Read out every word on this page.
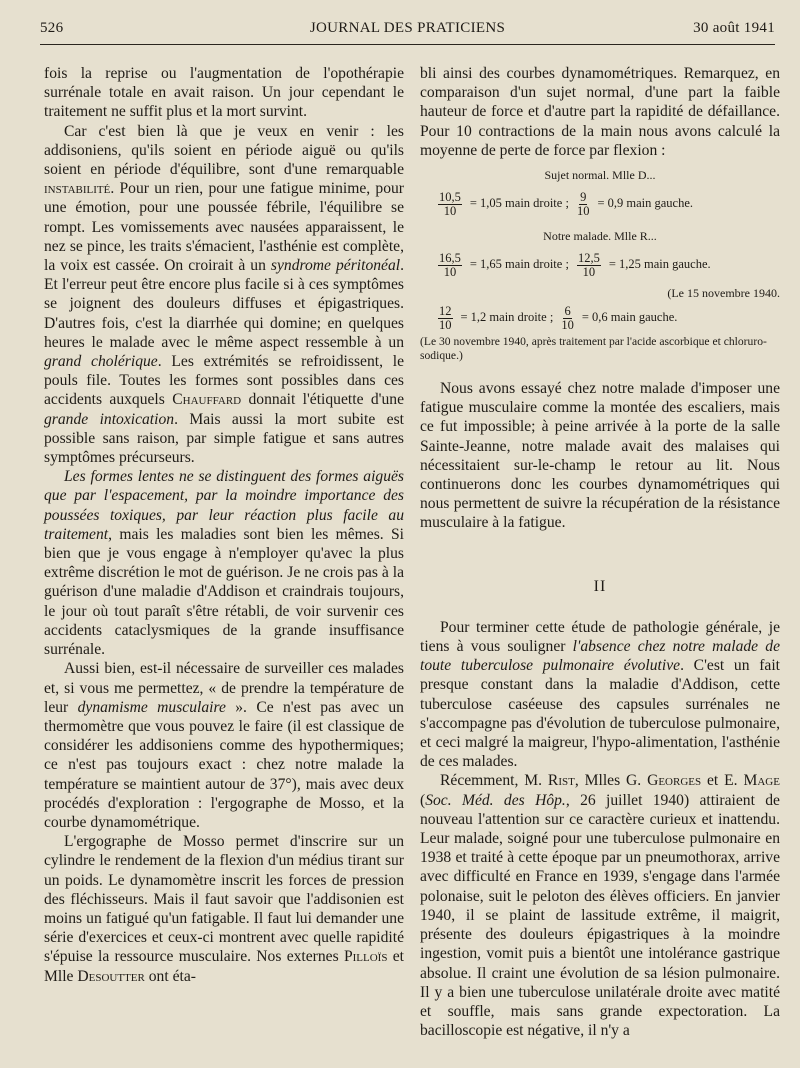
526	JOURNAL DES PRATICIENS	30 août 1941

fois la reprise ou l'augmentation de l'opothérapie surrénale totale en avait raison. Un jour cependant le traitement ne suffit plus et la mort survint.

Car c'est bien là que je veux en venir : les addisoniens, qu'ils soient en période aiguë ou qu'ils soient en période d'équilibre, sont d'une remarquable instabilité. Pour un rien, pour une fatigue minime, pour une émotion, pour une poussée fébrile, l'équilibre se rompt. Les vomissements avec nausées apparaissent, le nez se pince, les traits s'émacient, l'asthénie est complète, la voix est cassée. On croirait à un syndrome péritonéal. Et l'erreur peut être encore plus facile si à ces symptômes se joignent des douleurs diffuses et épigastriques. D'autres fois, c'est la diarrhée qui domine; en quelques heures le malade avec le même aspect ressemble à un grand cholérique. Les extrémités se refroidissent, le pouls file. Toutes les formes sont possibles dans ces accidents auxquels Chauffard donnait l'étiquette d'une grande intoxication. Mais aussi la mort subite est possible sans raison, par simple fatigue et sans autres symptômes précurseurs.

Les formes lentes ne se distinguent des formes aiguës que par l'espacement, par la moindre importance des poussées toxiques, par leur réaction plus facile au traitement, mais les maladies sont bien les mêmes. Si bien que je vous engage à n'employer qu'avec la plus extrême discrétion le mot de guérison. Je ne crois pas à la guérison d'une maladie d'Addison et craindrais toujours, le jour où tout paraît s'être rétabli, de voir survenir ces accidents cataclysmiques de la grande insuffisance surrénale.

Aussi bien, est-il nécessaire de surveiller ces malades et, si vous me permettez, « de prendre la température de leur dynamisme musculaire ». Ce n'est pas avec un thermomètre que vous pouvez le faire (il est classique de considérer les addisoniens comme des hypothermiques; ce n'est pas toujours exact : chez notre malade la température se maintient autour de 37°), mais avec deux procédés d'exploration : l'ergographe de Mosso, et la courbe dynamométrique.

L'ergographe de Mosso permet d'inscrire sur un cylindre le rendement de la flexion d'un médius tirant sur un poids. Le dynamomètre inscrit les forces de pression des fléchisseurs. Mais il faut savoir que l'addisonien est moins un fatigué qu'un fatigable. Il faut lui demander une série d'exercices et ceux-ci montrent avec quelle rapidité s'épuise la ressource musculaire. Nos externes Pilloïs et Mlle Desoutter ont éta-

bli ainsi des courbes dynamométriques. Remarquez, en comparaison d'un sujet normal, d'une part la faible hauteur de force et d'autre part la rapidité de défaillance. Pour 10 contractions de la main nous avons calculé la moyenne de perte de force par flexion :

Sujet normal. Mlle D...
$\frac{10,5}{10} = 1,05$ main droite ; $\frac{9}{10} = 0,9$ main gauche.
Notre malade. Mlle R...
$\frac{16,5}{10} = 1,65$ main droite ; $\frac{12,5}{10} = 1,25$ main gauche.
(Le 15 novembre 1940.
$\frac{12}{10} = 1,2$ main droite ; $\frac{6}{10} = 0,6$ main gauche.

(Le 30 novembre 1940, après traitement par l'acide ascorbique et chloruro-sodique.)

Nous avons essayé chez notre malade d'imposer une fatigue musculaire comme la montée des escaliers, mais ce fut impossible; à peine arrivée à la porte de la salle Sainte-Jeanne, notre malade avait des malaises qui nécessitaient sur-le-champ le retour au lit. Nous continuerons donc les courbes dynamométriques qui nous permettent de suivre la récupération de la résistance musculaire à la fatigue.

II

Pour terminer cette étude de pathologie générale, je tiens à vous souligner l'absence chez notre malade de toute tuberculose pulmonaire évolutive. C'est un fait presque constant dans la maladie d'Addison, cette tuberculose caséeuse des capsules surrénales ne s'accompagne pas d'évolution de tuberculose pulmonaire, et ceci malgré la maigreur, l'hypo-alimentation, l'asthénie de ces malades.

Récemment, M. Rist, Mlles G. Georges et E. Mage (Soc. Méd. des Hôp., 26 juillet 1940) attiraient de nouveau l'attention sur ce caractère curieux et inattendu. Leur malade, soigné pour une tuberculose pulmonaire en 1938 et traité à cette époque par un pneumothorax, arrive avec difficulté en France en 1939, s'engage dans l'armée polonaise, suit le peloton des élèves officiers. En janvier 1940, il se plaint de lassitude extrême, il maigrit, présente des douleurs épigastriques à la moindre ingestion, vomit puis a bientôt une intolérance gastrique absolue. Il craint une évolution de sa lésion pulmonaire. Il y a bien une tuberculose unilatérale droite avec matité et souffle, mais sans grande expectoration. La bacilloscopie est négative, il n'y a
